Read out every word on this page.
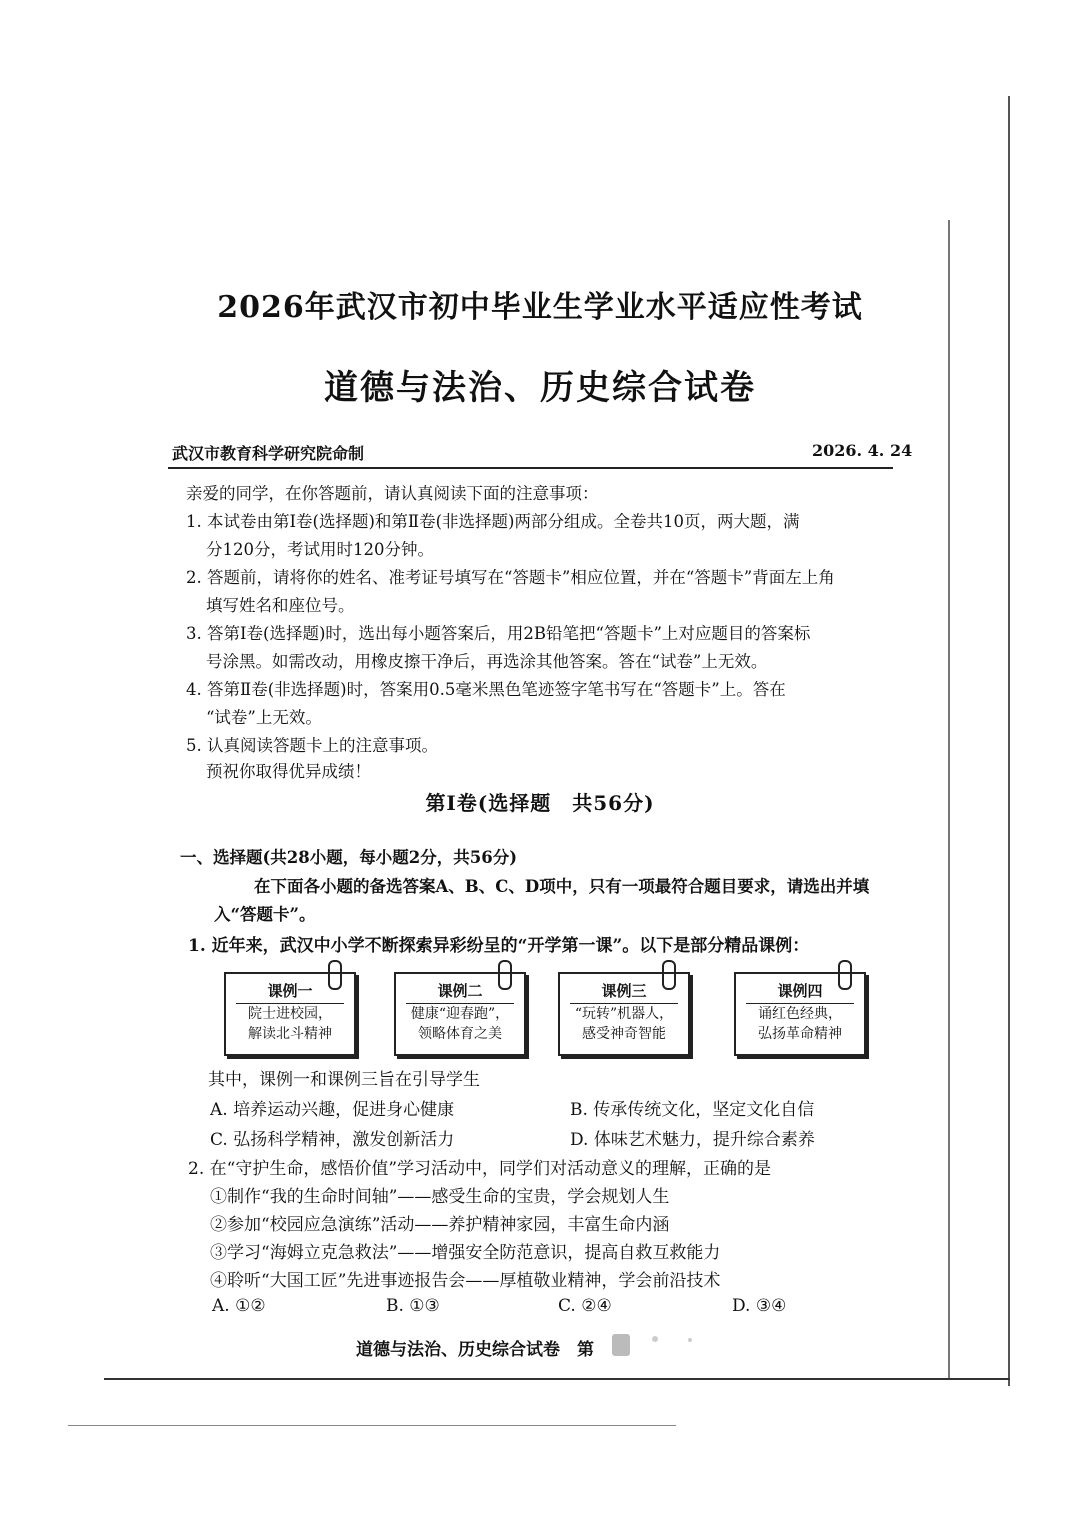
2026年武汉市初中毕业生学业水平适应性考试
道德与法治、历史综合试卷
武汉市教育科学研究院命制	2026. 4. 24
亲爱的同学，在你答题前，请认真阅读下面的注意事项：
1. 本试卷由第Ⅰ卷(选择题)和第Ⅱ卷(非选择题)两部分组成。全卷共10页，两大题，满
分120分，考试用时120分钟。
2. 答题前，请将你的姓名、准考证号填写在“答题卡”相应位置，并在“答题卡”背面左上角
填写姓名和座位号。
3. 答第Ⅰ卷(选择题)时，选出每小题答案后，用2B铅笔把“答题卡”上对应题目的答案标
号涂黑。如需改动，用橡皮擦干净后，再选涂其他答案。答在“试卷”上无效。
4. 答第Ⅱ卷(非选择题)时，答案用0.5毫米黑色笔迹签字笔书写在“答题卡”上。答在
“试卷”上无效。
5. 认真阅读答题卡上的注意事项。
预祝你取得优异成绩！
第Ⅰ卷(选择题　共56分)
一、选择题(共28小题，每小题2分，共56分)
在下面各小题的备选答案A、B、C、D项中，只有一项最符合题目要求，请选出并填
入“答题卡”。
1. 近年来，武汉中小学不断探索异彩纷呈的“开学第一课”。以下是部分精品课例：
课例一
院士进校园，
解读北斗精神
课例二
健康“迎春跑”，
领略体育之美
课例三
“玩转”机器人，
感受神奇智能
课例四
诵红色经典，
弘扬革命精神
其中，课例一和课例三旨在引导学生
A. 培养运动兴趣，促进身心健康	B. 传承传统文化，坚定文化自信
C. 弘扬科学精神，激发创新活力	D. 体味艺术魅力，提升综合素养
2. 在“守护生命，感悟价值”学习活动中，同学们对活动意义的理解，正确的是
①制作“我的生命时间轴”——感受生命的宝贵，学会规划人生
②参加“校园应急演练”活动——养护精神家园，丰富生命内涵
③学习“海姆立克急救法”——增强安全防范意识，提高自救互救能力
④聆听“大国工匠”先进事迹报告会——厚植敬业精神，学会前沿技术
A. ①②	B. ①③	C. ②④	D. ③④
道德与法治、历史综合试卷　第
